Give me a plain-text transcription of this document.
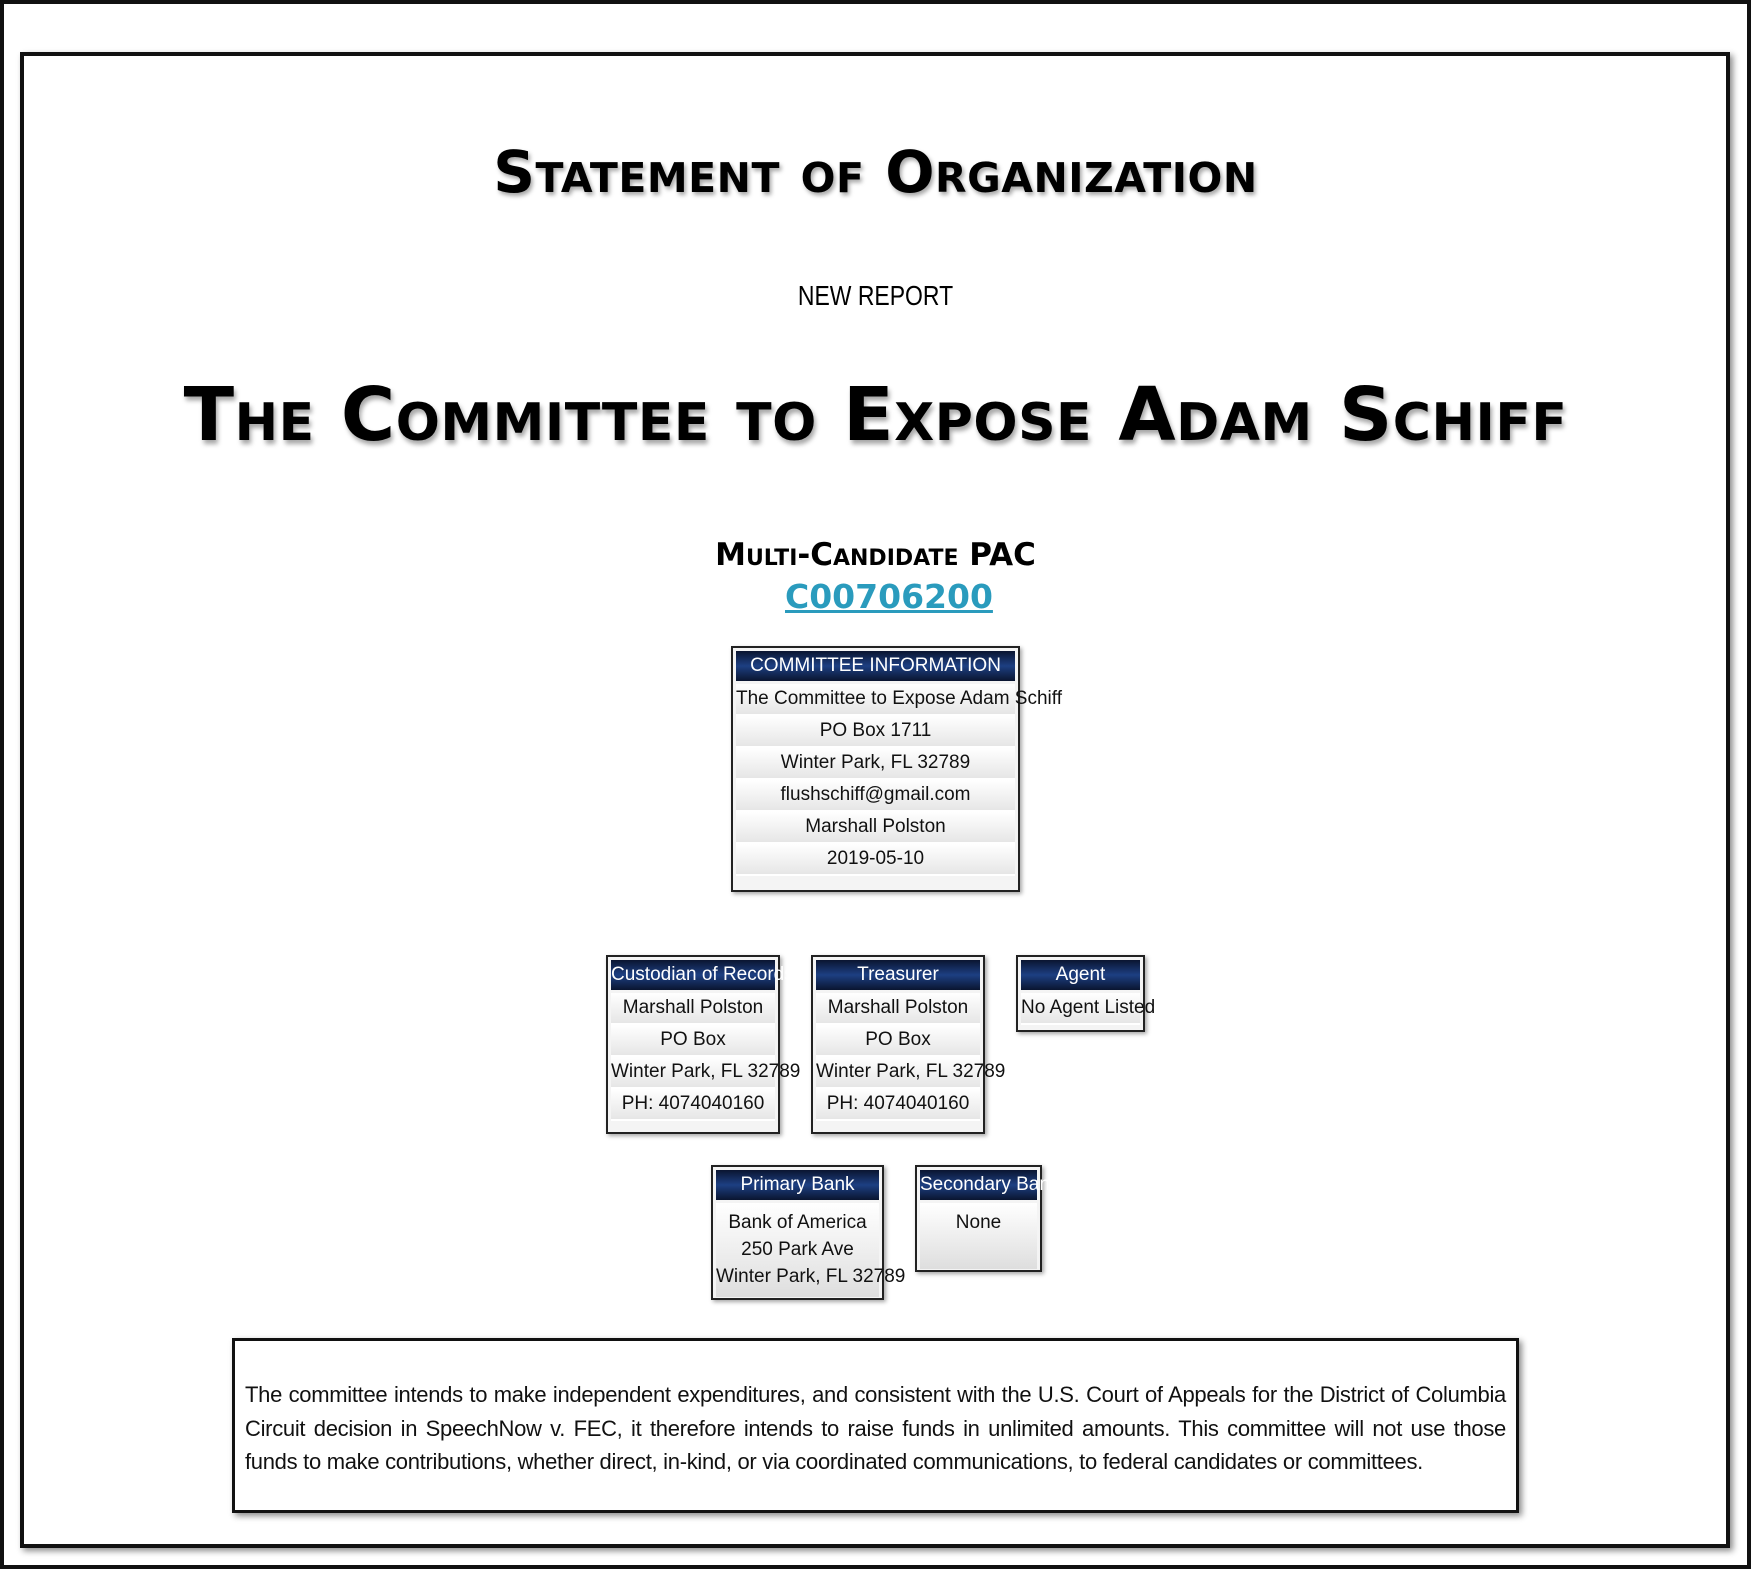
Statement of Organization
NEW REPORT
The Committee to Expose Adam Schiff
Multi-Candidate PAC
C00706200
COMMITTEE INFORMATION
The Committee to Expose Adam Schiff
PO Box 1711
Winter Park, FL 32789
flushschiff@gmail.com
Marshall Polston
2019-05-10
Custodian of Records
Marshall Polston
PO Box
Winter Park, FL 32789
PH: 4074040160
Treasurer
Marshall Polston
PO Box
Winter Park, FL 32789
PH: 4074040160
Agent
No Agent Listed
Primary Bank
Bank of America
250 Park Ave
Winter Park, FL 32789
Secondary Bank
None
The committee intends to make independent expenditures, and consistent with the U.S. Court of Appeals for the District of Columbia Circuit decision in SpeechNow v. FEC, it therefore intends to raise funds in unlimited amounts. This committee will not use those funds to make contributions, whether direct, in-kind, or via coordinated communications, to federal candidates or committees.
